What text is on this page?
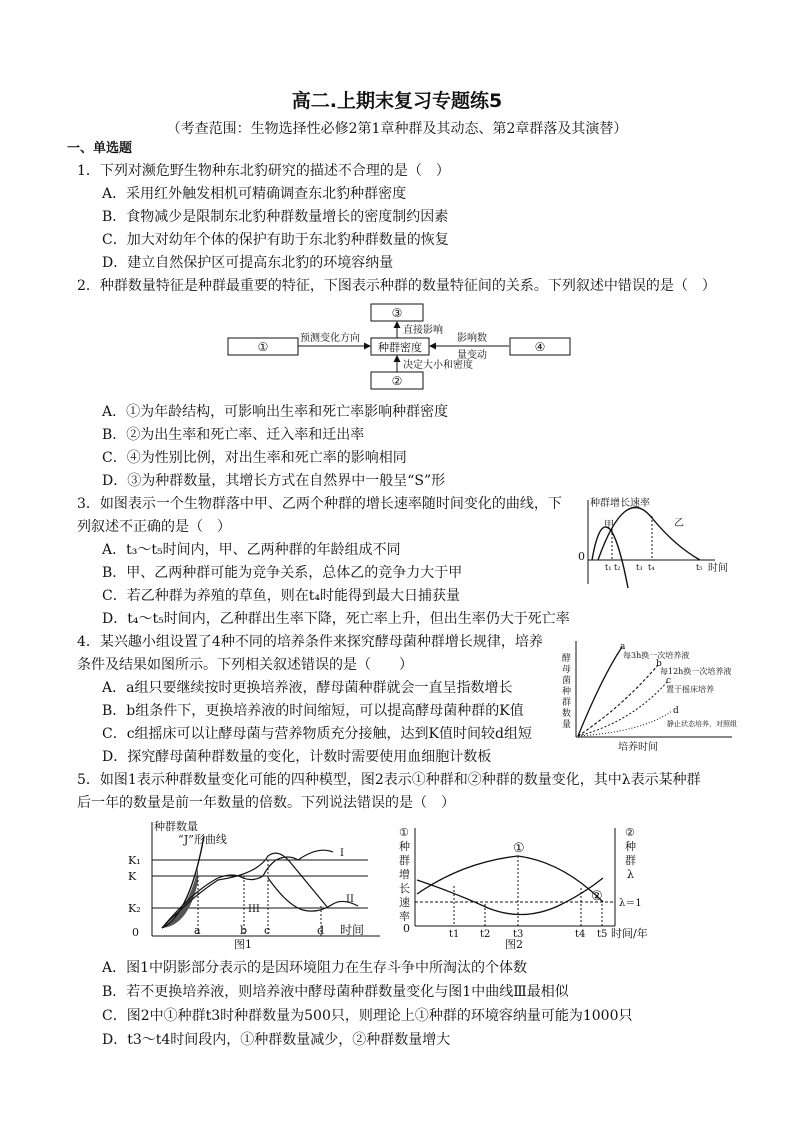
高二.上期末复习专题练5
（考查范围：生物选择性必修2第1章种群及其动态、第2章群落及其演替）
一、单选题
1．下列对濒危野生物种东北豹研究的描述不合理的是（　）
A．采用红外触发相机可精确调查东北豹种群密度
B．食物减少是限制东北豹种群数量增长的密度制约因素
C．加大对幼年个体的保护有助于东北豹种群数量的恢复
D．建立自然保护区可提高东北豹的环境容纳量
2．种群数量特征是种群最重要的特征，下图表示种群的数量特征间的关系。下列叙述中错误的是（　）
③
①	种群密度	④
②
预测变化方向
直接影响
影响数
量变动
决定大小和密度
A．①为年龄结构，可影响出生率和死亡率影响种群密度
B．②为出生率和死亡率、迁入率和迁出率
C．④为性别比例，对出生率和死亡率的影响相同
D．③为种群数量，其增长方式在自然界中一般呈“S”形
3．如图表示一个生物群落中甲、乙两个种群的增长速率随时间变化的曲线，下
列叙述不正确的是（　）
A．t₃～t₅时间内，甲、乙两种群的年龄组成不同
B．甲、乙两种群可能为竞争关系，总体乙的竞争力大于甲
C．若乙种群为养殖的草鱼，则在t₄时能得到最大日捕获量
D．t₄～t₅时间内，乙种群出生率下降，死亡率上升，但出生率仍大于死亡率
种群增长速率
0
甲	乙
t₁ t₂ t₃ t₄	t₅ 时间
4．某兴趣小组设置了4种不同的培养条件来探究酵母菌种群增长规律，培养
条件及结果如图所示。下列相关叙述错误的是（　　）
A．a组只要继续按时更换培养液，酵母菌种群就会一直呈指数增长
B．b组条件下，更换培养液的时间缩短，可以提高酵母菌种群的K值
C．c组摇床可以让酵母菌与营养物质充分接触，达到K值时间较d组短
D．探究酵母菌种群数量的变化，计数时需要使用血细胞计数板
酵
母
菌
种
群
数
量
培养时间
a
每3h换一次培养液
b
每12h换一次培养液
c
置于摇床培养
d
静止状态培养，对照组
5．如图1表示种群数量变化可能的四种模型，图2表示①种群和②种群的数量变化，其中λ表示某种群
后一年的数量是前一年数量的倍数。下列说法错误的是（　）
种群数量
“J”形曲线
K₁
K
K₂
0
I
II
III
a	b c	d 时间
图1
①
种
群
增
长
速
率
②
种
群
λ
λ＝1
0
①
②
t1 t2 t3	t4 t5 时间/年
图2
A．图1中阴影部分表示的是因环境阻力在生存斗争中所淘汰的个体数
B．若不更换培养液，则培养液中酵母菌种群数量变化与图1中曲线Ⅲ最相似
C．图2中①种群t3时种群数量为500只，则理论上①种群的环境容纳量可能为1000只
D．t3～t4时间段内，①种群数量减少，②种群数量增大
